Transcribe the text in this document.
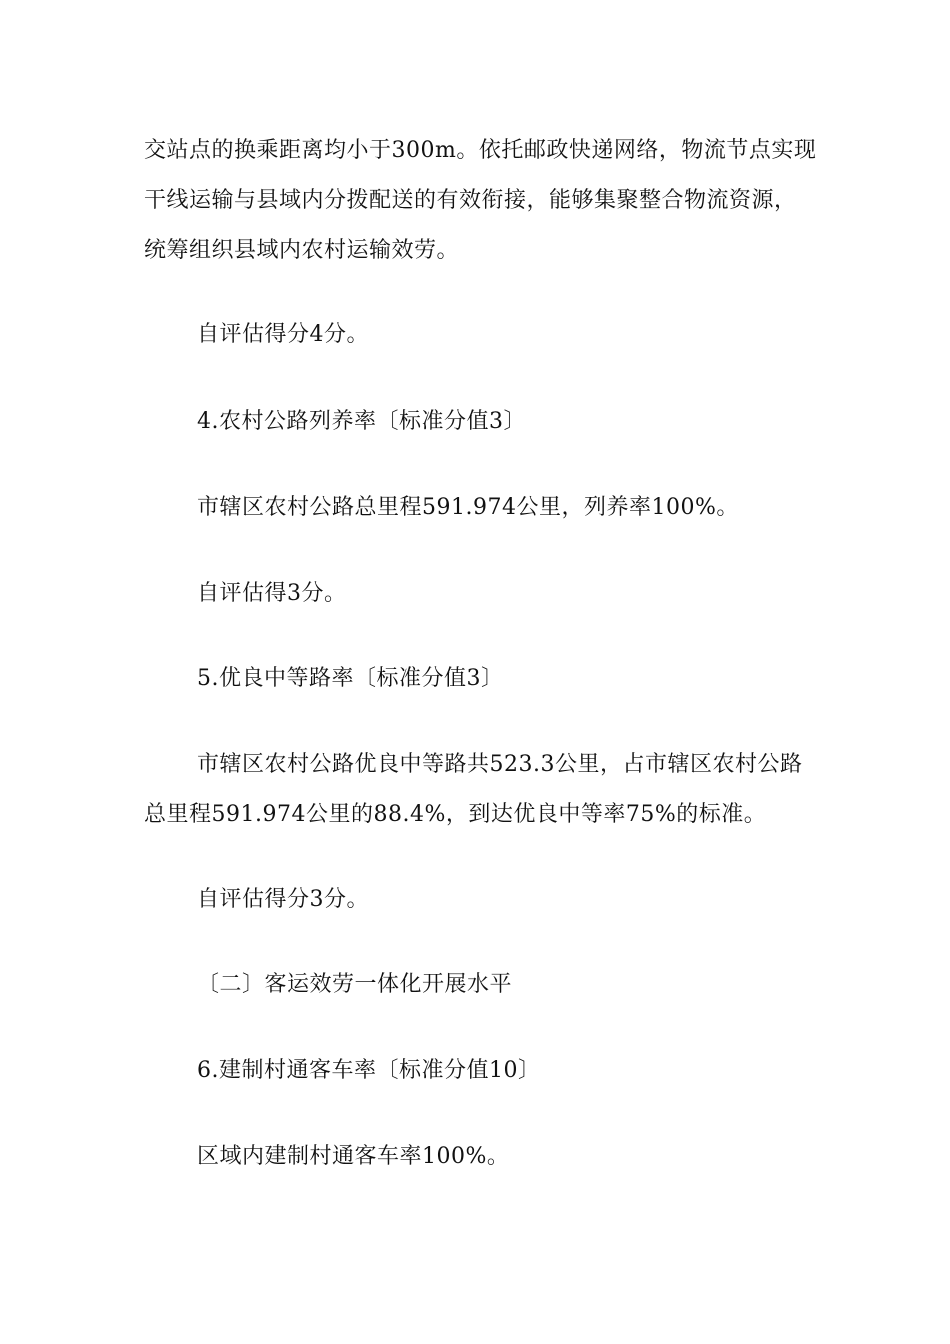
交站点的换乘距离均小于300m。依托邮政快递网络，物流节点实现
干线运输与县域内分拨配送的有效衔接，能够集聚整合物流资源，
统筹组织县域内农村运输效劳。
自评估得分4分。
4.农村公路列养率〔标准分值3〕
市辖区农村公路总里程591.974公里，列养率100%。
自评估得3分。
5.优良中等路率〔标准分值3〕
市辖区农村公路优良中等路共523.3公里，占市辖区农村公路
总里程591.974公里的88.4%，到达优良中等率75%的标准。
自评估得分3分。
〔二〕客运效劳一体化开展水平
6.建制村通客车率〔标准分值10〕
区域内建制村通客车率100%。
